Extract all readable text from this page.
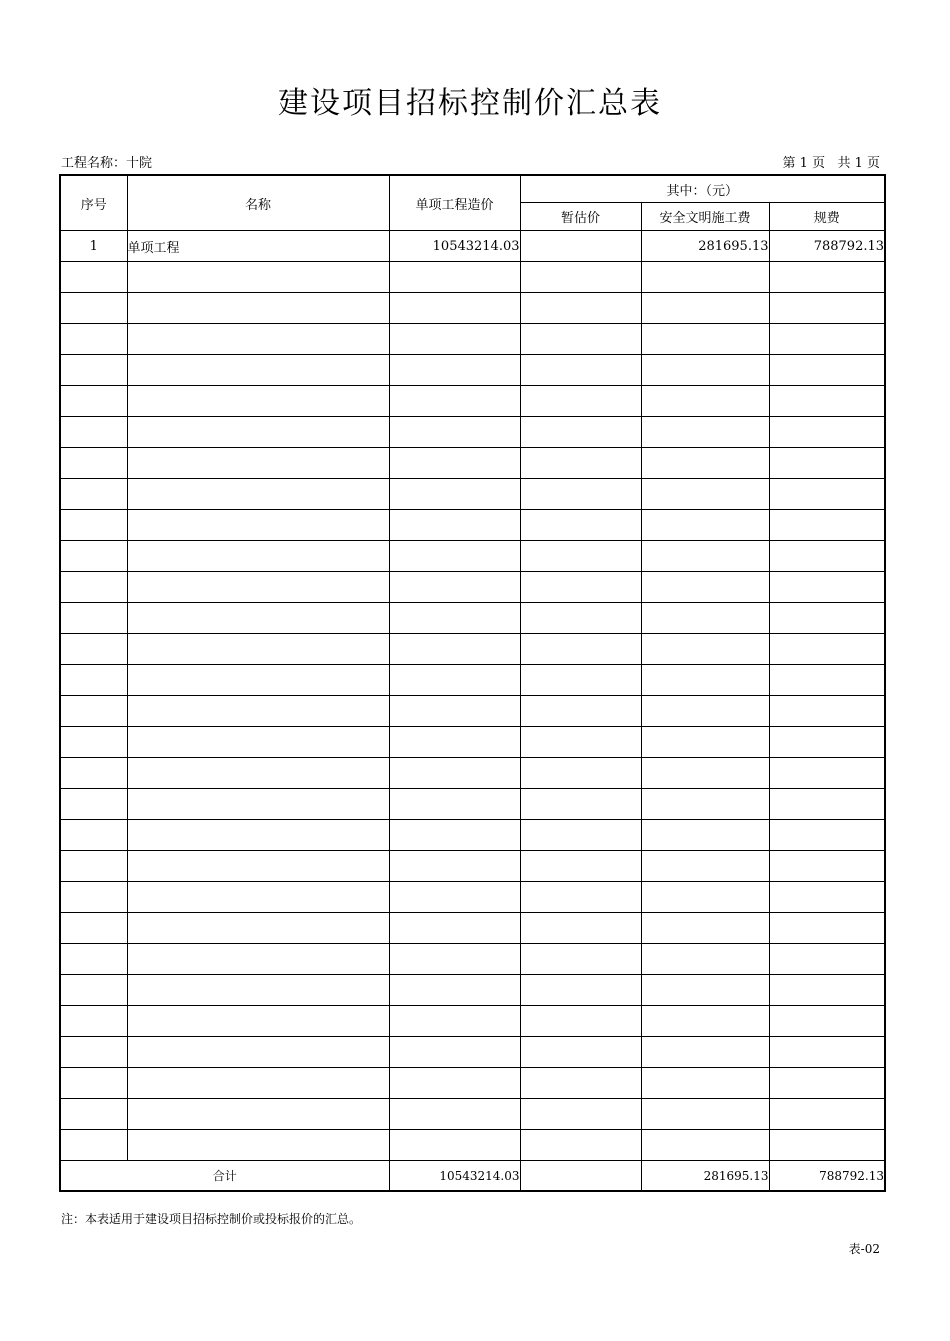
建设项目招标控制价汇总表
工程名称：十院	第 1 页   共 1 页
序号	名称	单项工程造价	其中：（元）		
			暂估价	安全文明施工费	规费
1	单项工程	10543214.03		281695.13	788792.13

合计		10543214.03		281695.13	788792.13
注：本表适用于建设项目招标控制价或投标报价的汇总。
表-02
